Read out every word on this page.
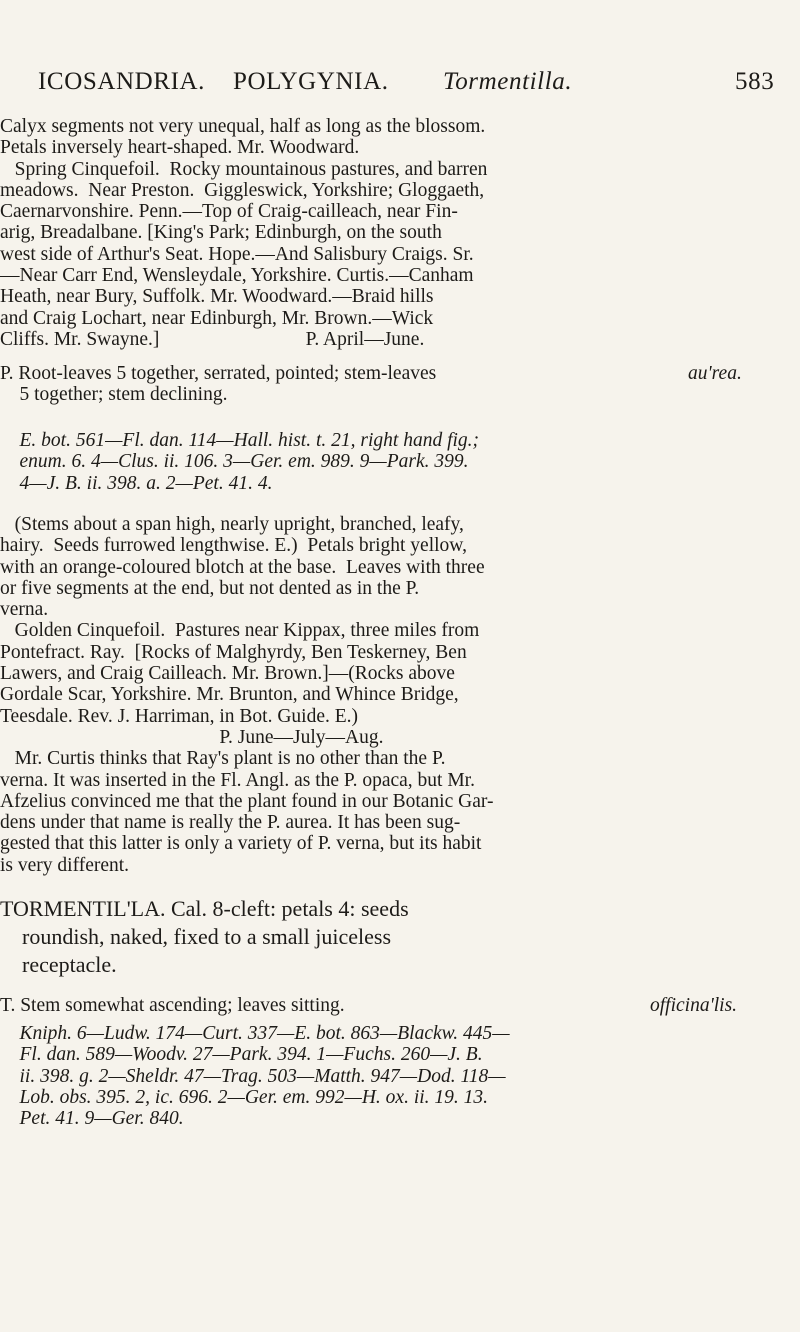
ICOSANDRIA. POLYGYNIA. Tormentilla.	583
Calyx segments not very unequal, half as long as the blossom.
Petals inversely heart-shaped. Mr. Woodward.
Spring Cinquefoil.  Rocky mountainous pastures, and barren
meadows.  Near Preston.  Giggleswick, Yorkshire; Gloggaeth,
Caernarvonshire. Penn.—Top of Craig-cailleach, near Fin-
arig, Breadalbane. [King's Park; Edinburgh, on the south
west side of Arthur's Seat. Hope.—And Salisbury Craigs. Sr.
—Near Carr End, Wensleydale, Yorkshire. Curtis.—Canham
Heath, near Bury, Suffolk. Mr. Woodward.—Braid hills
and Craig Lochart, near Edinburgh, Mr. Brown.—Wick
Cliffs. Mr. Swayne.]                              P. April—June.
P. Root-leaves 5 together, serrated, pointed; stem-leaves
5 together; stem declining.
au'rea.
E. bot. 561—Fl. dan. 114—Hall. hist. t. 21, right hand fig.;
enum. 6. 4—Clus. ii. 106. 3—Ger. em. 989. 9—Park. 399.
4—J. B. ii. 398. a. 2—Pet. 41. 4.
(Stems about a span high, nearly upright, branched, leafy,
hairy.  Seeds furrowed lengthwise. E.)  Petals bright yellow,
with an orange-coloured blotch at the base.  Leaves with three
or five segments at the end, but not dented as in the P.
verna.
Golden Cinquefoil.  Pastures near Kippax, three miles from
Pontefract. Ray.  [Rocks of Malghyrdy, Ben Teskerney, Ben
Lawers, and Craig Cailleach. Mr. Brown.]—(Rocks above
Gordale Scar, Yorkshire. Mr. Brunton, and Whince Bridge,
Teesdale. Rev. J. Harriman, in Bot. Guide. E.)
P. June—July—Aug.
Mr. Curtis thinks that Ray's plant is no other than the P.
verna. It was inserted in the Fl. Angl. as the P. opaca, but Mr.
Afzelius convinced me that the plant found in our Botanic Gar-
dens under that name is really the P. aurea. It has been sug-
gested that this latter is only a variety of P. verna, but its habit
is very different.
TORMENTIL'LA. Cal. 8-cleft: petals 4: seeds
roundish, naked, fixed to a small juiceless
receptacle.
T. Stem somewhat ascending; leaves sitting.	officina'lis.
Kniph. 6—Ludw. 174—Curt. 337—E. bot. 863—Blackw. 445—
Fl. dan. 589—Woodv. 27—Park. 394. 1—Fuchs. 260—J. B.
ii. 398. g. 2—Sheldr. 47—Trag. 503—Matth. 947—Dod. 118—
Lob. obs. 395. 2, ic. 696. 2—Ger. em. 992—H. ox. ii. 19. 13.
Pet. 41. 9—Ger. 840.
